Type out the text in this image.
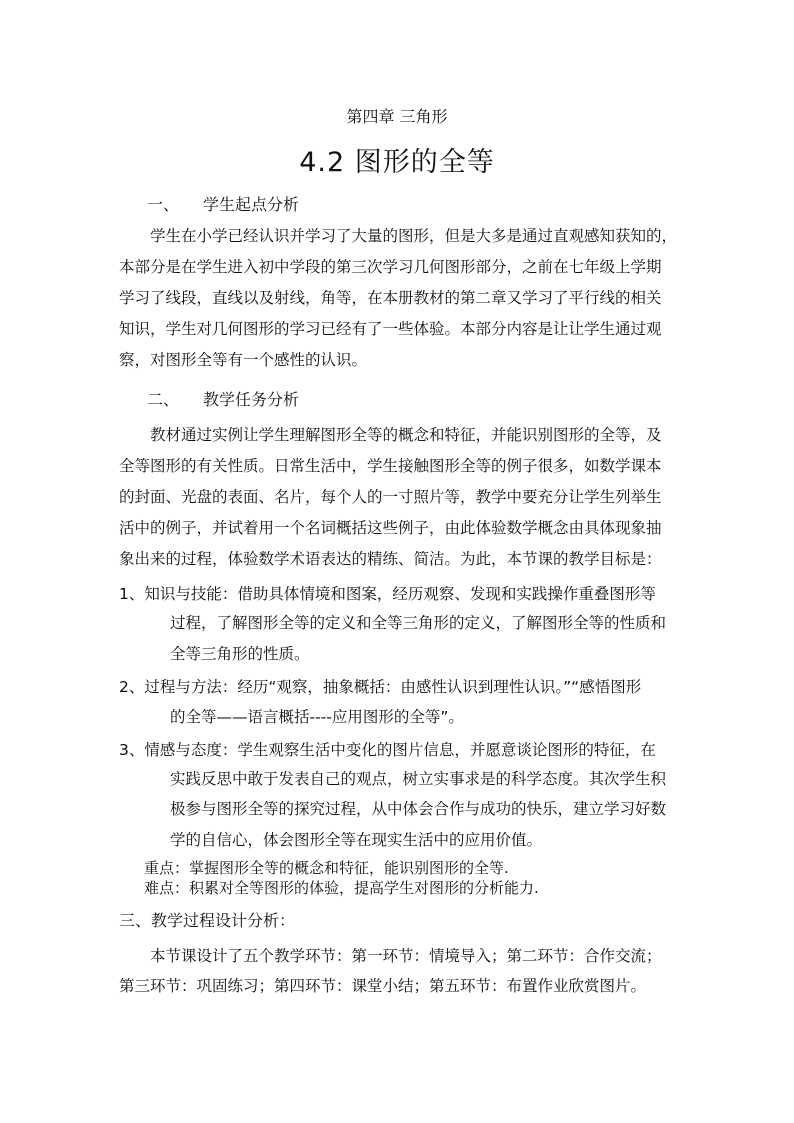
第四章 三角形
4.2 图形的全等
一、 学生起点分析
学生在小学已经认识并学习了大量的图形，但是大多是通过直观感知获知的，
本部分是在学生进入初中学段的第三次学习几何图形部分，之前在七年级上学期
学习了线段，直线以及射线，角等，在本册教材的第二章又学习了平行线的相关
知识，学生对几何图形的学习已经有了一些体验。本部分内容是让让学生通过观
察，对图形全等有一个感性的认识。
二、 教学任务分析
教材通过实例让学生理解图形全等的概念和特征，并能识别图形的全等，及
全等图形的有关性质。日常生活中，学生接触图形全等的例子很多，如数学课本
的封面、光盘的表面、名片，每个人的一寸照片等，教学中要充分让学生列举生
活中的例子，并试着用一个名词概括这些例子，由此体验数学概念由具体现象抽
象出来的过程，体验数学术语表达的精练、简洁。为此，本节课的教学目标是：
1、知识与技能：借助具体情境和图案，经历观察、发现和实践操作重叠图形等
过程，了解图形全等的定义和全等三角形的定义，了解图形全等的性质和
全等三角形的性质。
2、过程与方法：经历“观察，抽象概括：由感性认识到理性认识。”“感悟图形
的全等——语言概括----应用图形的全等”。
3、情感与态度：学生观察生活中变化的图片信息，并愿意谈论图形的特征，在
实践反思中敢于发表自己的观点，树立实事求是的科学态度。其次学生积
极参与图形全等的探究过程，从中体会合作与成功的快乐，建立学习好数
学的自信心，体会图形全等在现实生活中的应用价值。
重点：掌握图形全等的概念和特征，能识别图形的全等.
难点：积累对全等图形的体验，提高学生对图形的分析能力.
三、教学过程设计分析：
本节课设计了五个教学环节：第一环节：情境导入；第二环节：合作交流；
第三环节：巩固练习；第四环节：课堂小结；第五环节：布置作业欣赏图片。
